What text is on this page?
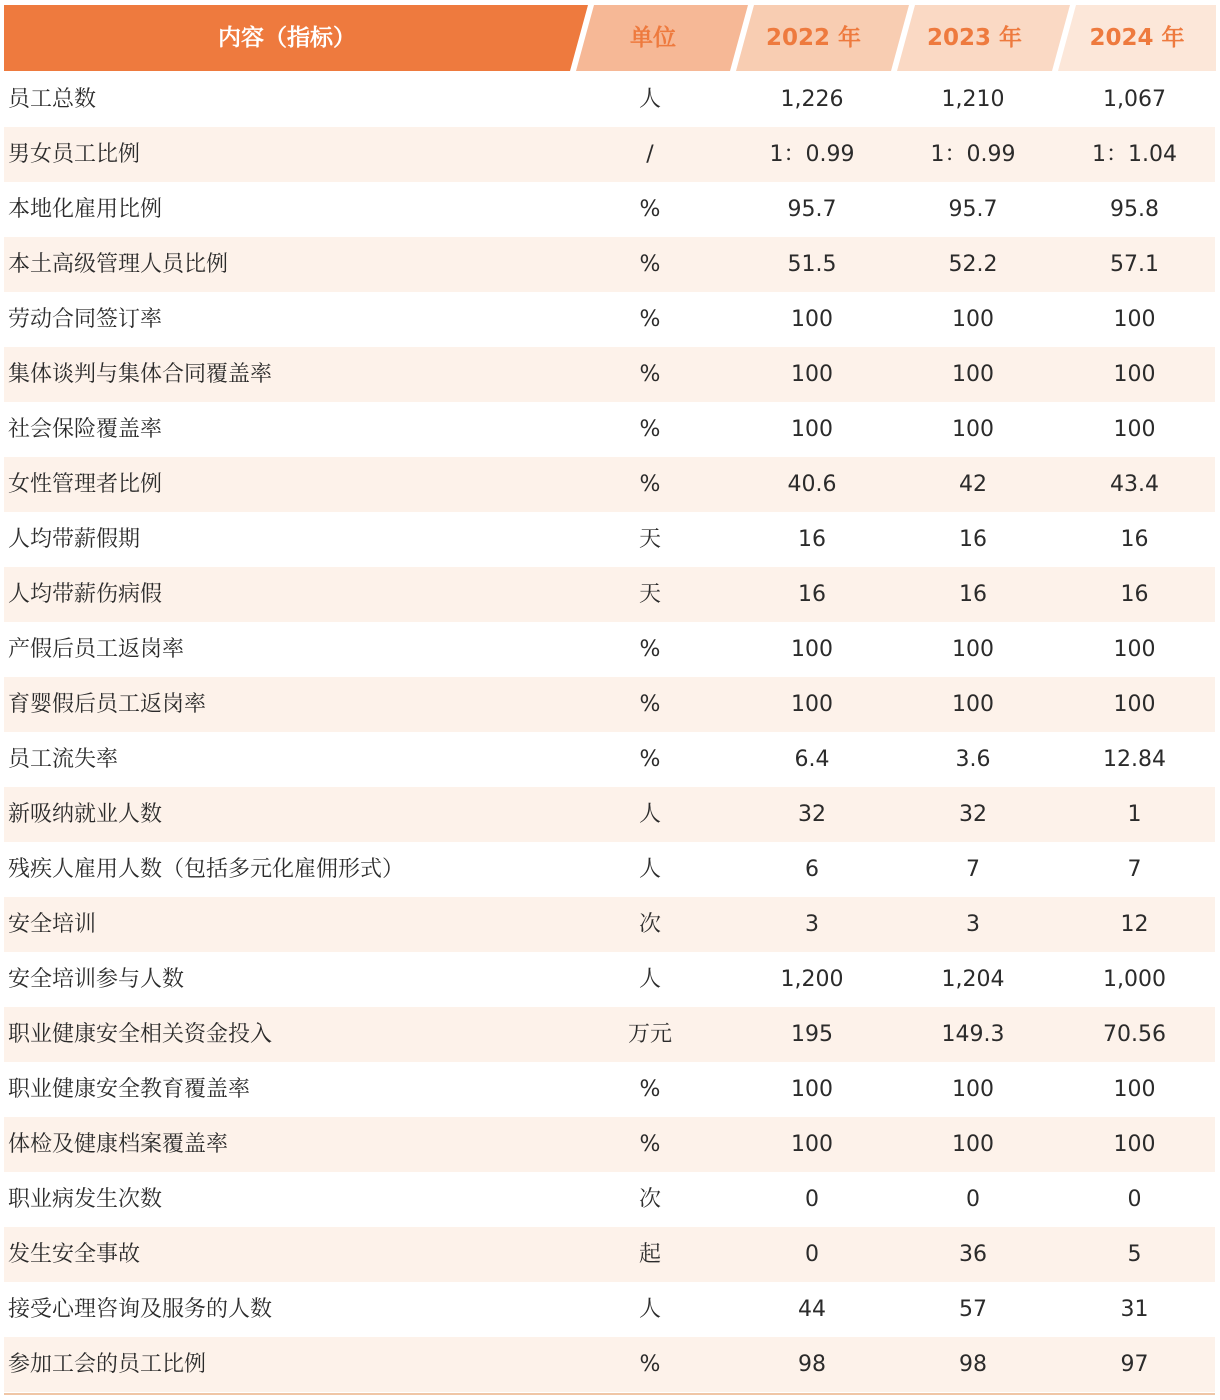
内容（指标）	单位	2022 年	2023 年	2024 年
员工总数	人	1,226	1,210	1,067
男女员工比例	/	1：0.99	1：0.99	1：1.04
本地化雇用比例	%	95.7	95.7	95.8
本土高级管理人员比例	%	51.5	52.2	57.1
劳动合同签订率	%	100	100	100
集体谈判与集体合同覆盖率	%	100	100	100
社会保险覆盖率	%	100	100	100
女性管理者比例	%	40.6	42	43.4
人均带薪假期	天	16	16	16
人均带薪伤病假	天	16	16	16
产假后员工返岗率	%	100	100	100
育婴假后员工返岗率	%	100	100	100
员工流失率	%	6.4	3.6	12.84
新吸纳就业人数	人	32	32	1
残疾人雇用人数（包括多元化雇佣形式）	人	6	7	7
安全培训	次	3	3	12
安全培训参与人数	人	1,200	1,204	1,000
职业健康安全相关资金投入	万元	195	149.3	70.56
职业健康安全教育覆盖率	%	100	100	100
体检及健康档案覆盖率	%	100	100	100
职业病发生次数	次	0	0	0
发生安全事故	起	0	36	5
接受心理咨询及服务的人数	人	44	57	31
参加工会的员工比例	%	98	98	97
